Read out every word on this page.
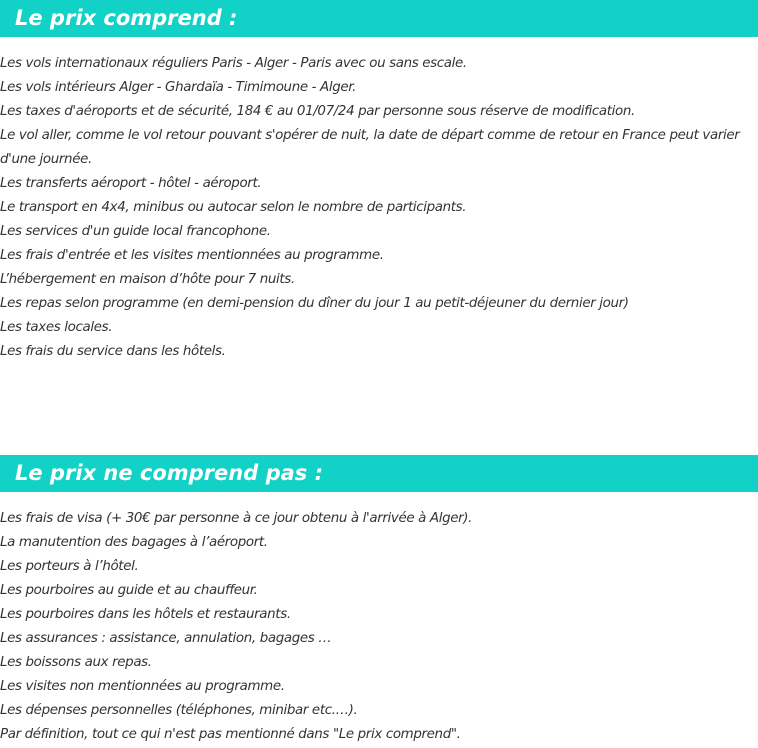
Le prix comprend :
Les vols internationaux réguliers Paris - Alger - Paris avec ou sans escale.
Les vols intérieurs Alger - Ghardaïa - Timimoune - Alger.
Les taxes d'aéroports et de sécurité, 184 € au 01/07/24 par personne sous réserve de modification.
Le vol aller, comme le vol retour pouvant s'opérer de nuit, la date de départ comme de retour en France peut varier d'une journée.
Les transferts aéroport - hôtel - aéroport.
Le transport en 4x4, minibus ou autocar selon le nombre de participants.
Les services d'un guide local francophone.
Les frais d'entrée et les visites mentionnées au programme.
L’hébergement en maison d’hôte pour 7 nuits.
Les repas selon programme (en demi-pension du dîner du jour 1 au petit-déjeuner du dernier jour)
Les taxes locales.
Les frais du service dans les hôtels.
Le prix ne comprend pas :
Les frais de visa (+ 30€ par personne à ce jour obtenu à l'arrivée à Alger).
La manutention des bagages à l’aéroport.
Les porteurs à l’hôtel.
Les pourboires au guide et au chauffeur.
Les pourboires dans les hôtels et restaurants.
Les assurances : assistance, annulation, bagages …
Les boissons aux repas.
Les visites non mentionnées au programme.
Les dépenses personnelles (téléphones, minibar etc.…).
Par définition, tout ce qui n'est pas mentionné dans "Le prix comprend".
